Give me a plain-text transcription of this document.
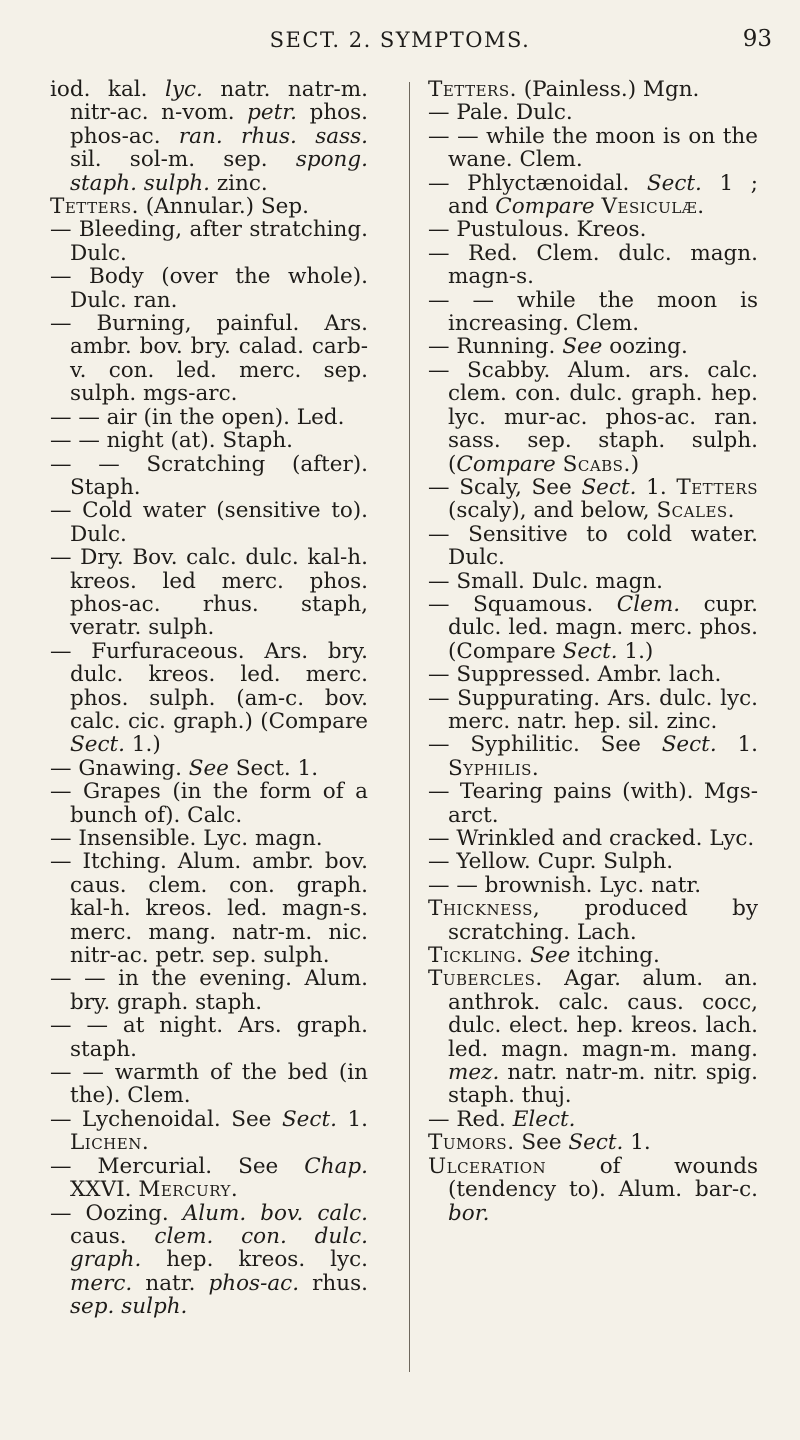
SECT. 2. SYMPTOMS.	93
iod. kal. lyc. natr. natr-m. nitr-ac. n-vom. petr. phos. phos-ac. ran. rhus. sass. sil. sol-m. sep. spong. staph. sulph. zinc.
Tetters. (Annular.) Sep.
— Bleeding, after stratching. Dulc.
— Body (over the whole). Dulc. ran.
— Burning, painful. Ars. ambr. bov. bry. calad. carb-v. con. led. merc. sep. sulph. mgs-arc.
— — air (in the open). Led.
— — night (at). Staph.
— — Scratching (after). Staph.
— Cold water (sensitive to). Dulc.
— Dry. Bov. calc. dulc. kal-h. kreos. led merc. phos. phos-ac. rhus. staph, veratr. sulph.
— Furfuraceous. Ars. bry. dulc. kreos. led. merc. phos. sulph. (am-c. bov. calc. cic. graph.) (Compare Sect. 1.)
— Gnawing. See Sect. 1.
— Grapes (in the form of a bunch of). Calc.
— Insensible. Lyc. magn.
— Itching. Alum. ambr. bov. caus. clem. con. graph. kal-h. kreos. led. magn-s. merc. mang. natr-m. nic. nitr-ac. petr. sep. sulph.
— — in the evening. Alum. bry. graph. staph.
— — at night. Ars. graph. staph.
— — warmth of the bed (in the). Clem.
— Lychenoidal. See Sect. 1. Lichen.
— Mercurial. See Chap. XXVI. Mercury.
— Oozing. Alum. bov. calc. caus. clem. con. dulc. graph. hep. kreos. lyc. merc. natr. phos-ac. rhus. sep. sulph.
Tetters. (Painless.) Mgn.
— Pale. Dulc.
— — while the moon is on the wane. Clem.
— Phlyctænoidal. Sect. 1 ; and Compare Vesiculæ.
— Pustulous. Kreos.
— Red. Clem. dulc. magn. magn-s.
— — while the moon is increasing. Clem.
— Running. See oozing.
— Scabby. Alum. ars. calc. clem. con. dulc. graph. hep. lyc. mur-ac. phos-ac. ran. sass. sep. staph. sulph. (Compare Scabs.)
— Scaly, See Sect. 1. Tetters (scaly), and below, Scales.
— Sensitive to cold water. Dulc.
— Small. Dulc. magn.
— Squamous. Clem. cupr. dulc. led. magn. merc. phos. (Compare Sect. 1.)
— Suppressed. Ambr. lach.
— Suppurating. Ars. dulc. lyc. merc. natr. hep. sil. zinc.
— Syphilitic. See Sect. 1. Syphilis.
— Tearing pains (with). Mgs-arct.
— Wrinkled and cracked. Lyc.
— Yellow. Cupr. Sulph.
— — brownish. Lyc. natr.
Thickness, produced by scratching. Lach.
Tickling. See itching.
Tubercles. Agar. alum. an. anthrok. calc. caus. cocc, dulc. elect. hep. kreos. lach. led. magn. magn-m. mang. mez. natr. natr-m. nitr. spig. staph. thuj.
— Red. Elect.
Tumors. See Sect. 1.
Ulceration of wounds (tendency to). Alum. bar-c. bor.
